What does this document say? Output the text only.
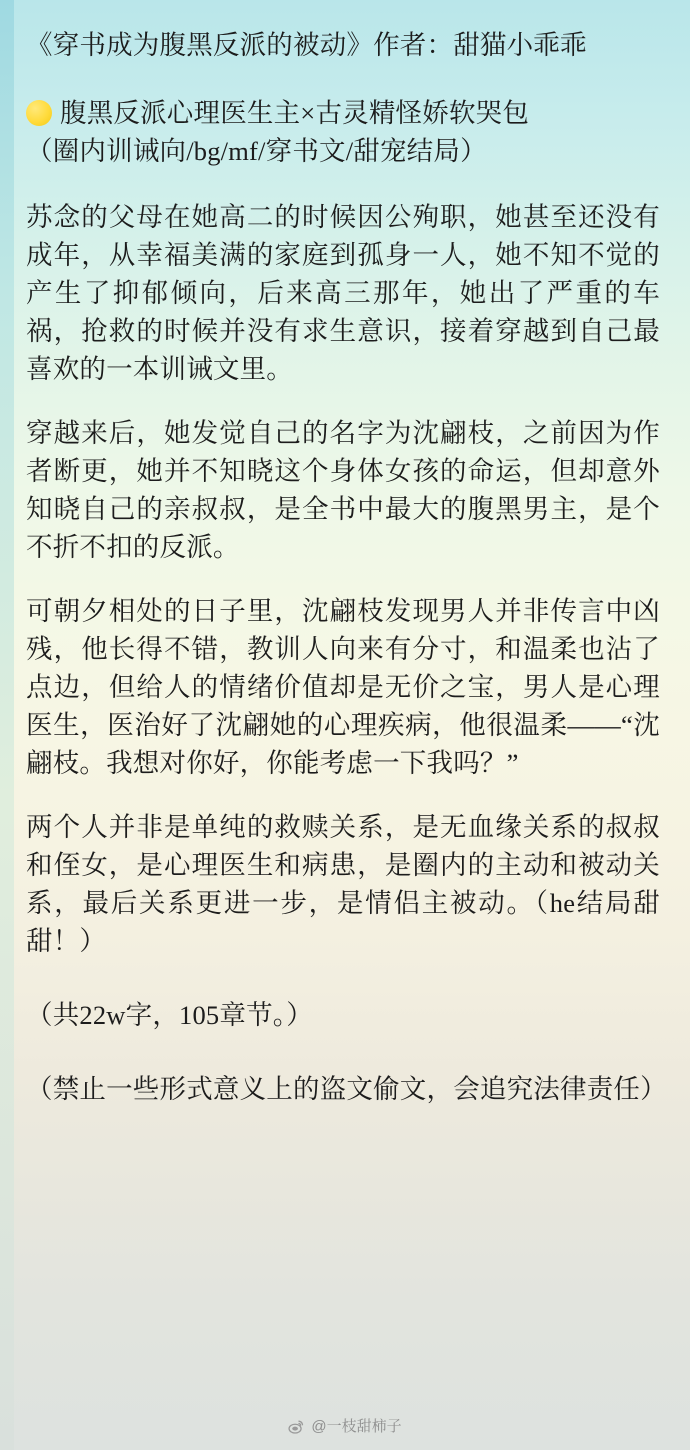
《穿书成为腹黑反派的被动》作者：甜猫小乖乖

腹黑反派心理医生主×古灵精怪娇软哭包
（圈内训诫向/bg/mf/穿书文/甜宠结局）

苏念的父母在她高二的时候因公殉职，她甚至还没有成年，从幸福美满的家庭到孤身一人，她不知不觉的产生了抑郁倾向，后来高三那年，她出了严重的车祸，抢救的时候并没有求生意识，接着穿越到自己最喜欢的一本训诫文里。

穿越来后，她发觉自己的名字为沈翩枝，之前因为作者断更，她并不知晓这个身体女孩的命运，但却意外知晓自己的亲叔叔，是全书中最大的腹黑男主，是个不折不扣的反派。

可朝夕相处的日子里，沈翩枝发现男人并非传言中凶残，他长得不错，教训人向来有分寸，和温柔也沾了点边，但给人的情绪价值却是无价之宝，男人是心理医生，医治好了沈翩她的心理疾病，他很温柔——“沈翩枝。我想对你好，你能考虑一下我吗？”

两个人并非是单纯的救赎关系，是无血缘关系的叔叔和侄女，是心理医生和病患，是圈内的主动和被动关系，最后关系更进一步，是情侣主被动。（he结局甜甜！）

（共22w字，105章节。）

（禁止一些形式意义上的盗文偷文，会追究法律责任）

@一枝甜柿子
